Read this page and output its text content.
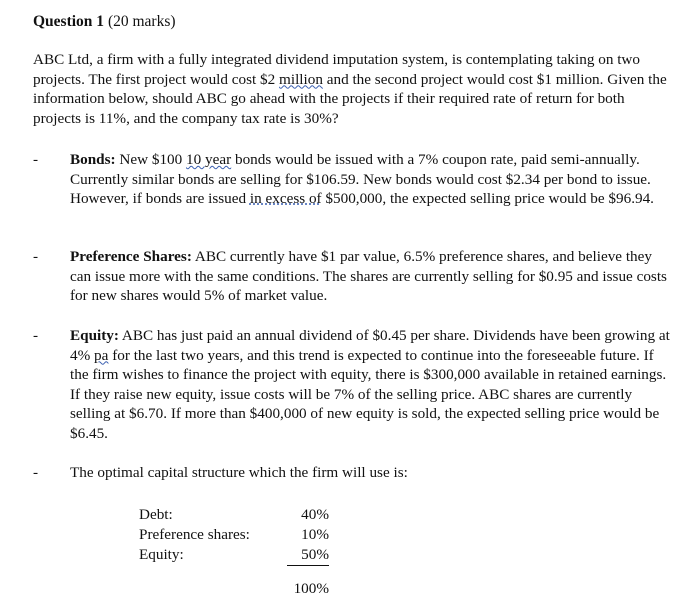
Question 1 (20 marks)
ABC Ltd, a firm with a fully integrated dividend imputation system, is contemplating taking on two projects. The first project would cost $2 million and the second project would cost $1 million. Given the information below, should ABC go ahead with the projects if their required rate of return for both projects is 11%, and the company tax rate is 30%?
- Bonds: New $100 10 year bonds would be issued with a 7% coupon rate, paid semi-annually. Currently similar bonds are selling for $106.59. New bonds would cost $2.34 per bond to issue. However, if bonds are issued in excess of $500,000, the expected selling price would be $96.94.
- Preference Shares: ABC currently have $1 par value, 6.5% preference shares, and believe they can issue more with the same conditions. The shares are currently selling for $0.95 and issue costs for new shares would 5% of market value.
- Equity: ABC has just paid an annual dividend of $0.45 per share. Dividends have been growing at 4% pa for the last two years, and this trend is expected to continue into the foreseeable future. If the firm wishes to finance the project with equity, there is $300,000 available in retained earnings. If they raise new equity, issue costs will be 7% of the selling price. ABC shares are currently selling at $6.70. If more than $400,000 of new equity is sold, the expected selling price would be $6.45.
- The optimal capital structure which the firm will use is:
Debt:	40%
Preference shares:	10%
Equity:	50%
100%
